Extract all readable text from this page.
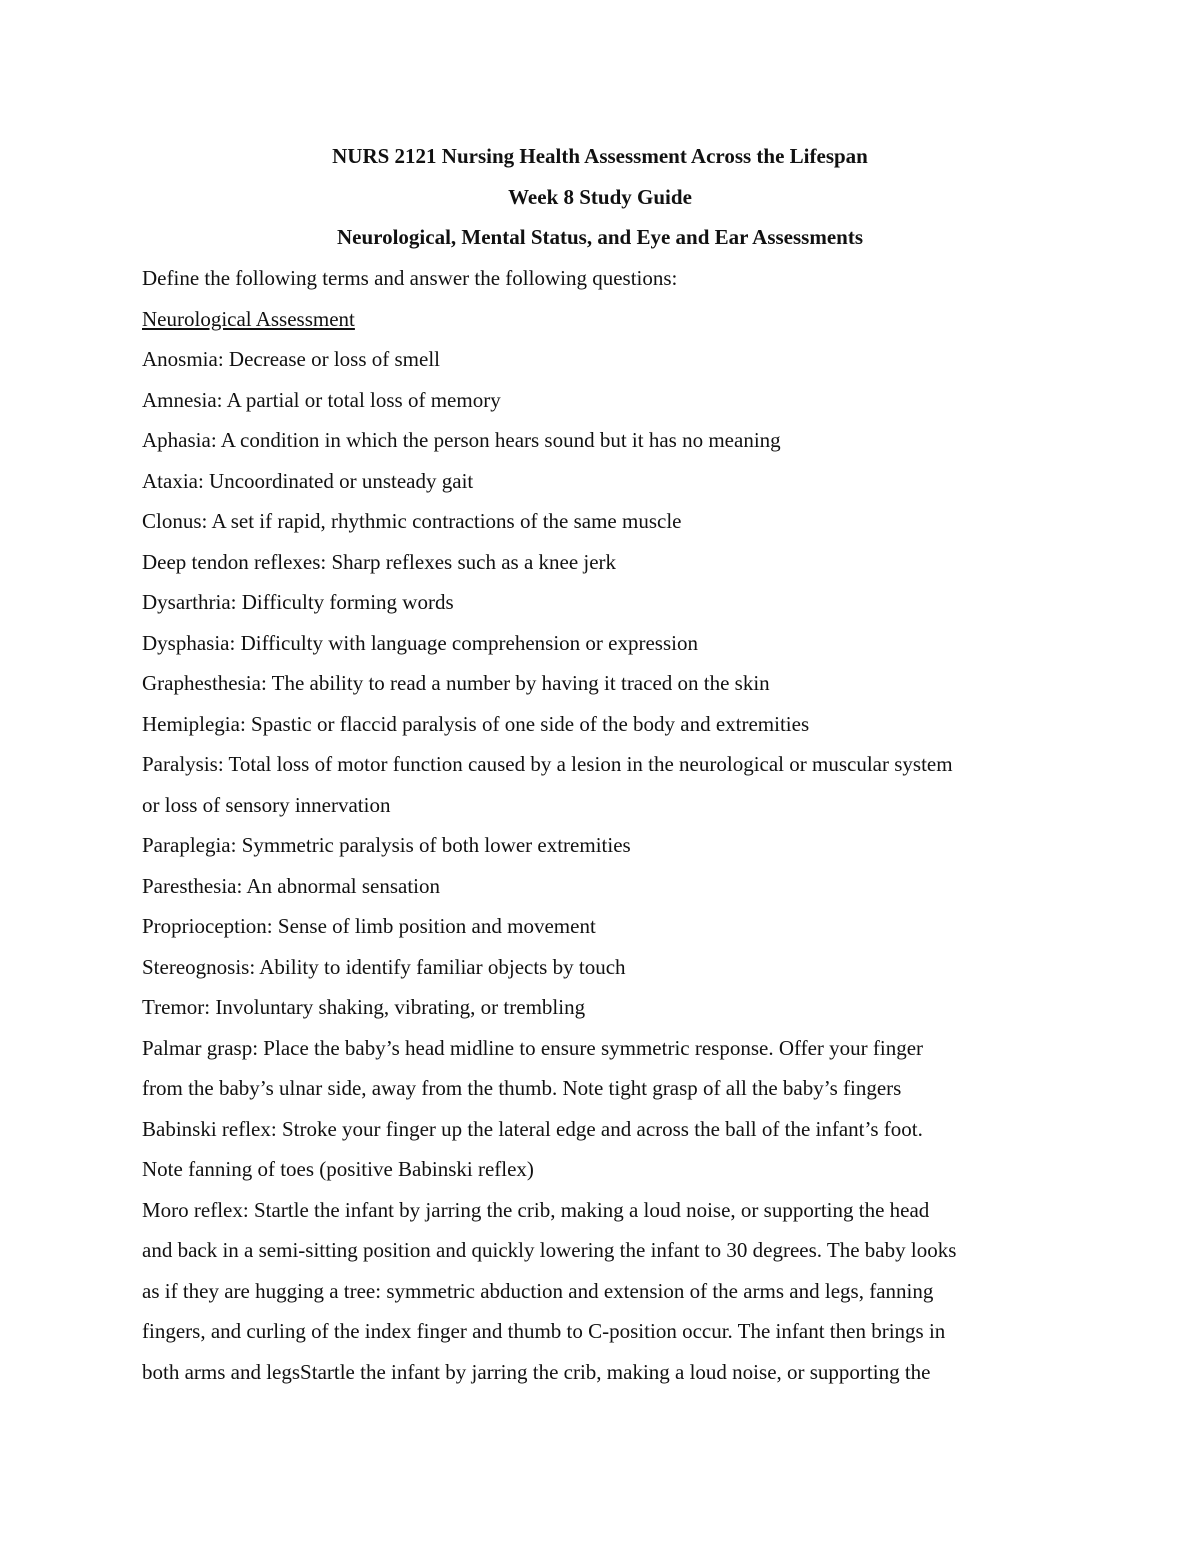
NURS 2121 Nursing Health Assessment Across the Lifespan
Week 8 Study Guide
Neurological, Mental Status, and Eye and Ear Assessments
Define the following terms and answer the following questions:
Neurological Assessment
Anosmia: Decrease or loss of smell
Amnesia: A partial or total loss of memory
Aphasia: A condition in which the person hears sound but it has no meaning
Ataxia: Uncoordinated or unsteady gait
Clonus: A set if rapid, rhythmic contractions of the same muscle
Deep tendon reflexes: Sharp reflexes such as a knee jerk
Dysarthria: Difficulty forming words
Dysphasia: Difficulty with language comprehension or expression
Graphesthesia: The ability to read a number by having it traced on the skin
Hemiplegia: Spastic or flaccid paralysis of one side of the body and extremities
Paralysis: Total loss of motor function caused by a lesion in the neurological or muscular system
or loss of sensory innervation
Paraplegia: Symmetric paralysis of both lower extremities
Paresthesia: An abnormal sensation
Proprioception: Sense of limb position and movement
Stereognosis: Ability to identify familiar objects by touch
Tremor: Involuntary shaking, vibrating, or trembling
Palmar grasp: Place the baby’s head midline to ensure symmetric response. Offer your finger
from the baby’s ulnar side, away from the thumb. Note tight grasp of all the baby’s fingers
Babinski reflex: Stroke your finger up the lateral edge and across the ball of the infant’s foot.
Note fanning of toes (positive Babinski reflex)
Moro reflex: Startle the infant by jarring the crib, making a loud noise, or supporting the head
and back in a semi-sitting position and quickly lowering the infant to 30 degrees. The baby looks
as if they are hugging a tree: symmetric abduction and extension of the arms and legs, fanning
fingers, and curling of the index finger and thumb to C-position occur. The infant then brings in
both arms and legsStartle the infant by jarring the crib, making a loud noise, or supporting the
